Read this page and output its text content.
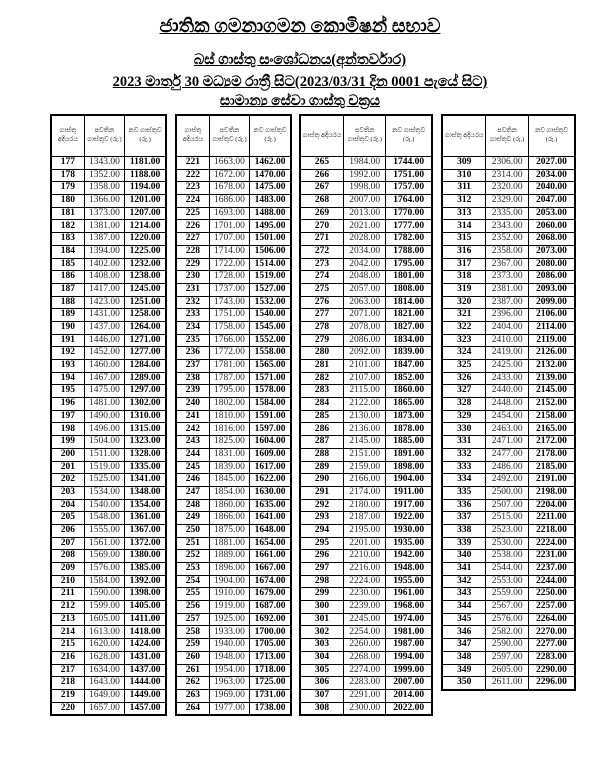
ජාතික ගමනාගමන කොමිෂන් සභාව
බස් ගාස්තු සංශෝධනය(අන්තර්වාර)
2023 මාර්තු 30 මධ්‍යම රාත්‍රී සිට(2023/03/31 දින 0001 පැයේ සිට)
සාමාන්‍ය සේවා ගාස්තු චක්‍රය
ගාස්තු අදියරය	පවතින ගාස්තුව (රු.)	නව ගාස්තුව (රු.)
177	1343.00	1181.00
178	1352.00	1188.00
179	1358.00	1194.00
180	1366.00	1201.00
181	1373.00	1207.00
182	1381.00	1214.00
183	1387.00	1220.00
184	1394.00	1225.00
185	1402.00	1232.00
186	1408.00	1238.00
187	1417.00	1245.00
188	1423.00	1251.00
189	1431.00	1258.00
190	1437.00	1264.00
191	1446.00	1271.00
192	1452.00	1277.00
193	1460.00	1284.00
194	1467.00	1289.00
195	1475.00	1297.00
196	1481.00	1302.00
197	1490.00	1310.00
198	1496.00	1315.00
199	1504.00	1323.00
200	1511.00	1328.00
201	1519.00	1335.00
202	1525.00	1341.00
203	1534.00	1348.00
204	1540.00	1354.00
205	1548.00	1361.00
206	1555.00	1367.00
207	1561.00	1372.00
208	1569.00	1380.00
209	1576.00	1385.00
210	1584.00	1392.00
211	1590.00	1398.00
212	1599.00	1405.00
213	1605.00	1411.00
214	1613.00	1418.00
215	1620.00	1424.00
216	1628.00	1431.00
217	1634.00	1437.00
218	1643.00	1444.00
219	1649.00	1449.00
220	1657.00	1457.00
ගාස්තු අදියරය	පවතින ගාස්තුව (රු.)	නව ගාස්තුව (රු.)
221	1663.00	1462.00
222	1672.00	1470.00
223	1678.00	1475.00
224	1686.00	1483.00
225	1693.00	1488.00
226	1701.00	1495.00
227	1707.00	1501.00
228	1714.00	1506.00
229	1722.00	1514.00
230	1728.00	1519.00
231	1737.00	1527.00
232	1743.00	1532.00
233	1751.00	1540.00
234	1758.00	1545.00
235	1766.00	1552.00
236	1772.00	1558.00
237	1781.00	1565.00
238	1787.00	1571.00
239	1795.00	1578.00
240	1802.00	1584.00
241	1810.00	1591.00
242	1816.00	1597.00
243	1825.00	1604.00
244	1831.00	1609.00
245	1839.00	1617.00
246	1845.00	1622.00
247	1854.00	1630.00
248	1860.00	1635.00
249	1866.00	1641.00
250	1875.00	1648.00
251	1881.00	1654.00
252	1889.00	1661.00
253	1896.00	1667.00
254	1904.00	1674.00
255	1910.00	1679.00
256	1919.00	1687.00
257	1925.00	1692.00
258	1933.00	1700.00
259	1940.00	1705.00
260	1948.00	1713.00
261	1954.00	1718.00
262	1963.00	1725.00
263	1969.00	1731.00
264	1977.00	1738.00
ගාස්තු අදියරය	පවතින ගාස්තුව (රු.)	නව ගාස්තුව (රු.)
265	1984.00	1744.00
266	1992.00	1751.00
267	1998.00	1757.00
268	2007.00	1764.00
269	2013.00	1770.00
270	2021.00	1777.00
271	2028.00	1782.00
272	2034.00	1788.00
273	2042.00	1795.00
274	2048.00	1801.00
275	2057.00	1808.00
276	2063.00	1814.00
277	2071.00	1821.00
278	2078.00	1827.00
279	2086.00	1834.00
280	2092.00	1839.00
281	2101.00	1847.00
282	2107.00	1852.00
283	2115.00	1860.00
284	2122.00	1865.00
285	2130.00	1873.00
286	2136.00	1878.00
287	2145.00	1885.00
288	2151.00	1891.00
289	2159.00	1898.00
290	2166.00	1904.00
291	2174.00	1911.00
292	2180.00	1917.00
293	2187.00	1922.00
294	2195.00	1930.00
295	2201.00	1935.00
296	2210.00	1942.00
297	2216.00	1948.00
298	2224.00	1955.00
299	2230.00	1961.00
300	2239.00	1968.00
301	2245.00	1974.00
302	2254.00	1981.00
303	2260.00	1987.00
304	2268.00	1994.00
305	2274.00	1999.00
306	2283.00	2007.00
307	2291.00	2014.00
308	2300.00	2022.00
ගාස්තු අදියරය	පවතින ගාස්තුව (රු.)	නව ගාස්තුව (රු.)
309	2306.00	2027.00
310	2314.00	2034.00
311	2320.00	2040.00
312	2329.00	2047.00
313	2335.00	2053.00
314	2343.00	2060.00
315	2352.00	2068.00
316	2358.00	2073.00
317	2367.00	2080.00
318	2373.00	2086.00
319	2381.00	2093.00
320	2387.00	2099.00
321	2396.00	2106.00
322	2404.00	2114.00
323	2410.00	2119.00
324	2419.00	2126.00
325	2425.00	2132.00
326	2433.00	2139.00
327	2440.00	2145.00
328	2448.00	2152.00
329	2454.00	2158.00
330	2463.00	2165.00
331	2471.00	2172.00
332	2477.00	2178.00
333	2486.00	2185.00
334	2492.00	2191.00
335	2500.00	2198.00
336	2507.00	2204.00
337	2515.00	2211.00
338	2523.00	2218.00
339	2530.00	2224.00
340	2538.00	2231.00
341	2544.00	2237.00
342	2553.00	2244.00
343	2559.00	2250.00
344	2567.00	2257.00
345	2576.00	2264.00
346	2582.00	2270.00
347	2590.00	2277.00
348	2597.00	2283.00
349	2605.00	2290.00
350	2611.00	2296.00
